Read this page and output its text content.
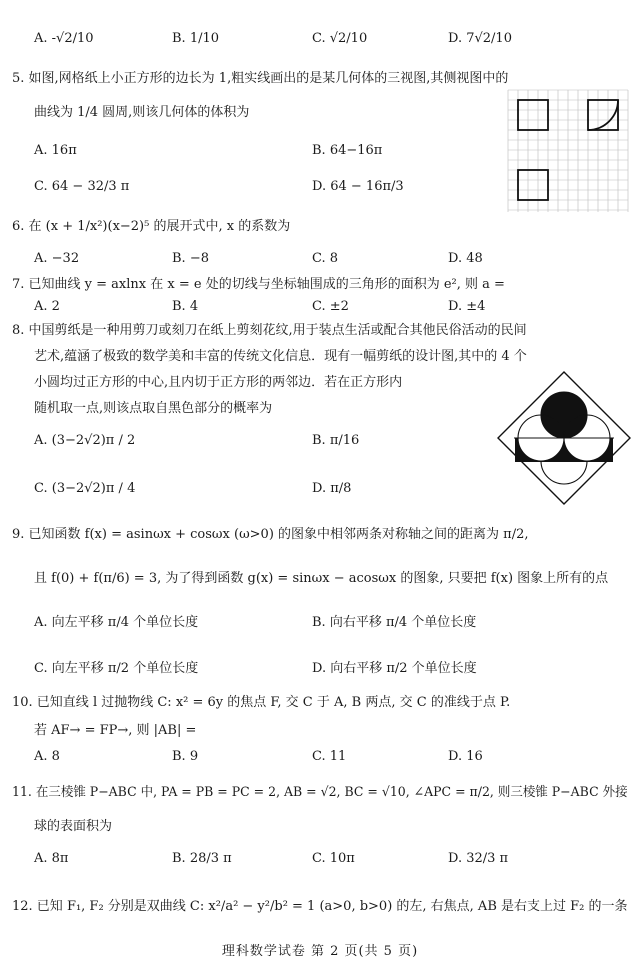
A. -√2/10	B. 1/10	C. √2/10	D. 7√2/10
5. 如图,网格纸上小正方形的边长为 1,粗实线画出的是某几何体的三视图,其侧视图中的
曲线为 1/4 圆周,则该几何体的体积为
A. 16π	B. 64−16π
C. 64 − 32/3 π	D. 64 − 16π/3
6. 在 (x + 1/x²)(x−2)⁵ 的展开式中, x 的系数为
A. −32	B. −8	C. 8	D. 48
7. 已知曲线 y = axlnx 在 x = e 处的切线与坐标轴围成的三角形的面积为 e², 则 a =
A. 2	B. 4	C. ±2	D. ±4
8. 中国剪纸是一种用剪刀或刻刀在纸上剪刻花纹,用于装点生活或配合其他民俗活动的民间
艺术,蕴涵了极致的数学美和丰富的传统文化信息．现有一幅剪纸的设计图,其中的 4 个
小圆均过正方形的中心,且内切于正方形的两邻边．若在正方形内
随机取一点,则该点取自黑色部分的概率为
A. (3−2√2)π / 2	B. π/16
C. (3−2√2)π / 4	D. π/8
9. 已知函数 f(x) = asinωx + cosωx (ω>0) 的图象中相邻两条对称轴之间的距离为 π/2,
且 f(0) + f(π/6) = 3, 为了得到函数 g(x) = sinωx − acosωx 的图象, 只要把 f(x) 图象上所有的点
A. 向左平移 π/4 个单位长度	B. 向右平移 π/4 个单位长度
C. 向左平移 π/2 个单位长度	D. 向右平移 π/2 个单位长度
10. 已知直线 l 过抛物线 C: x² = 6y 的焦点 F, 交 C 于 A, B 两点, 交 C 的准线于点 P.
若 AF→ = FP→, 则 |AB| =
A. 8	B. 9	C. 11	D. 16
11. 在三棱锥 P−ABC 中, PA = PB = PC = 2, AB = √2, BC = √10, ∠APC = π/2, 则三棱锥 P−ABC 外接
球的表面积为
A. 8π	B. 28/3 π	C. 10π	D. 32/3 π
12. 已知 F₁, F₂ 分别是双曲线 C: x²/a² − y²/b² = 1 (a>0, b>0) 的左, 右焦点, AB 是右支上过 F₂ 的一条
理科数学试卷 第 2 页(共 5 页)
